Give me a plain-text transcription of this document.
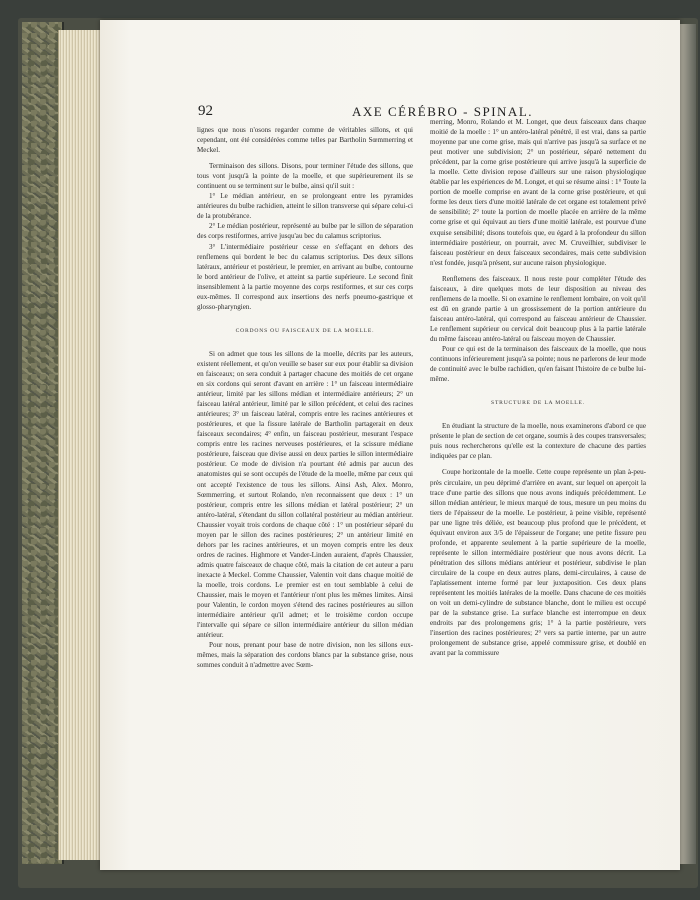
92	AXE CÉRÉBRO - SPINAL.

lignes que nous n'osons regarder comme de véritables sillons, et qui cependant, ont été considérées comme telles par Bartholin Sœmmerring et Meckel.

Terminaison des sillons. Disons, pour terminer l'étude des sillons, que tous vont jusqu'à la pointe de la moelle, et que supérieurement ils se continuent ou se terminent sur le bulbe, ainsi qu'il suit :

1° Le médian antérieur, en se prolongeant entre les pyramides antérieures du bulbe rachidien, atteint le sillon transverse qui sépare celui-ci de la protubérance.

2° Le médian postérieur, représenté au bulbe par le sillon de séparation des corps restiformes, arrive jusqu'au bec du calamus scriptorius.

3° L'intermédiaire postérieur cesse en s'effaçant en dehors des renflemens qui bordent le bec du calamus scriptorius. Des deux sillons latéraux, antérieur et postérieur, le premier, en arrivant au bulbe, contourne le bord antérieur de l'olive, et atteint sa partie supérieure. Le second finit insensiblement à la partie moyenne des corps restiformes, et sur ces corps eux-mêmes. Il correspond aux insertions des nerfs pneumo-gastrique et glosso-pharyngien.

CORDONS OU FAISCEAUX DE LA MOELLE.

Si on admet que tous les sillons de la moelle, décrits par les auteurs, existent réellement, et qu'on veuille se baser sur eux pour établir sa division en faisceaux; on sera conduit à partager chacune des moitiés de cet organe en six cordons qui seront d'avant en arrière : 1° un faisceau intermédiaire antérieur, limité par les sillons médian et intermédiaire antérieurs; 2° un faisceau latéral antérieur, limité par le sillon précédent, et celui des racines antérieures; 3° un faisceau latéral, compris entre les racines antérieures et postérieures, et que la fissure latérale de Bartholin partagerait en deux faisceaux secondaires; 4° enfin, un faisceau postérieur, mesurant l'espace compris entre les racines nerveuses postérieures, et la scissure médiane postérieure, faisceau que divise aussi en deux parties le sillon intermédiaire postérieur. Ce mode de division n'a pourtant été admis par aucun des anatomistes qui se sont occupés de l'étude de la moelle, même par ceux qui ont accepté l'existence de tous les sillons. Ainsi Ash, Alex. Monro, Sœmmerring, et surtout Rolando, n'en reconnaissent que deux : 1° un postérieur, compris entre les sillons médian et latéral postérieur; 2° un antéro-latéral, s'étendant du sillon collatéral postérieur au médian antérieur. Chaussier voyait trois cordons de chaque côté : 1° un postérieur séparé du moyen par le sillon des racines postérieures; 2° un antérieur limité en dehors par les racines antérieures, et un moyen compris entre les deux ordres de racines. Highmore et Vander-Linden auraient, d'après Chaussier, admis quatre faisceaux de chaque côté, mais la citation de cet auteur a paru inexacte à Meckel. Comme Chaussier, Valentin voit dans chaque moitié de la moelle, trois cordons. Le premier est en tout semblable à celui de Chaussier, mais le moyen et l'antérieur n'ont plus les mêmes limites. Ainsi pour Valentin, le cordon moyen s'étend des racines postérieures au sillon intermédiaire antérieur qu'il admet; et le troisième cordon occupe l'intervalle qui sépare ce sillon intermédiaire antérieur du sillon médian antérieur.

Pour nous, prenant pour base de notre division, non les sillons eux-mêmes, mais la séparation des cordons blancs par la substance grise, nous sommes conduit à n'admettre avec Sœm-

merring, Monro, Rolando et M. Longet, que deux faisceaux dans chaque moitié de la moelle : 1° un antéro-latéral pénétré, il est vrai, dans sa partie moyenne par une corne grise, mais qui n'arrive pas jusqu'à sa surface et ne peut motiver une subdivision; 2° un postérieur, séparé nettement du précédent, par la corne grise postérieure qui arrive jusqu'à la superficie de la moelle. Cette division repose d'ailleurs sur une raison physiologique établie par les expériences de M. Longet, et qui se résume ainsi : 1° Toute la portion de moelle comprise en avant de la corne grise postérieure, et qui forme les deux tiers d'une moitié latérale de cet organe est totalement privé de sensibilité; 2° toute la portion de moelle placée en arrière de la même corne grise et qui équivaut au tiers d'une moitié latérale, est pourvue d'une exquise sensibilité; disons toutefois que, eu égard à la profondeur du sillon intermédiaire postérieur, on pourrait, avec M. Cruveilhier, subdiviser le faisceau postérieur en deux faisceaux secondaires, mais cette subdivision n'est fondée, jusqu'à présent, sur aucune raison physiologique.

Renflemens des faisceaux. Il nous reste pour compléter l'étude des faisceaux, à dire quelques mots de leur disposition au niveau des renflemens de la moelle. Si on examine le renflement lombaire, on voit qu'il est dû en grande partie à un grossissement de la portion antérieure du faisceau antéro-latéral, qui correspond au faisceau antérieur de Chaussier. Le renflement supérieur ou cervical doit beaucoup plus à la partie latérale du même faisceau antéro-latéral ou faisceau moyen de Chaussier.

Pour ce qui est de la terminaison des faisceaux de la moelle, que nous continuons inférieurement jusqu'à sa pointe; nous ne parlerons de leur mode de continuité avec le bulbe rachidien, qu'en faisant l'histoire de ce bulbe lui-même.

STRUCTURE DE LA MOELLE.

En étudiant la structure de la moelle, nous examinerons d'abord ce que présente le plan de section de cet organe, soumis à des coupes transversales; puis nous rechercherons qu'elle est la contexture de chacune des parties indiquées par ce plan.

Coupe horizontale de la moelle. Cette coupe représente un plan à-peu-près circulaire, un peu déprimé d'arrière en avant, sur lequel on aperçoit la trace d'une partie des sillons que nous avons indiqués précédemment. Le sillon médian antérieur, le mieux marqué de tous, mesure un peu moins du tiers de l'épaisseur de la moelle. Le postérieur, à peine visible, représenté par une ligne très déliée, est beaucoup plus profond que le précédent, et équivaut environ aux 3/5 de l'épaisseur de l'organe; une petite fissure peu profonde, et apparente seulement à la partie supérieure de la moelle, représente le sillon intermédiaire postérieur que nous avons décrit. La pénétration des sillons médians antérieur et postérieur, subdivise le plan circulaire de la coupe en deux autres plans, demi-circulaires, à cause de l'aplatissement interne formé par leur juxtaposition. Ces deux plans représentent les moitiés latérales de la moelle. Dans chacune de ces moitiés on voit un demi-cylindre de substance blanche, dont le milieu est occupé par de la substance grise. La surface blanche est interrompue en deux endroits par des prolongemens gris; 1° à la partie postérieure, vers l'insertion des racines postérieures; 2° vers sa partie interne, par un autre prolongement de substance grise, appelé commissure grise, et doublé en avant par la commissure
